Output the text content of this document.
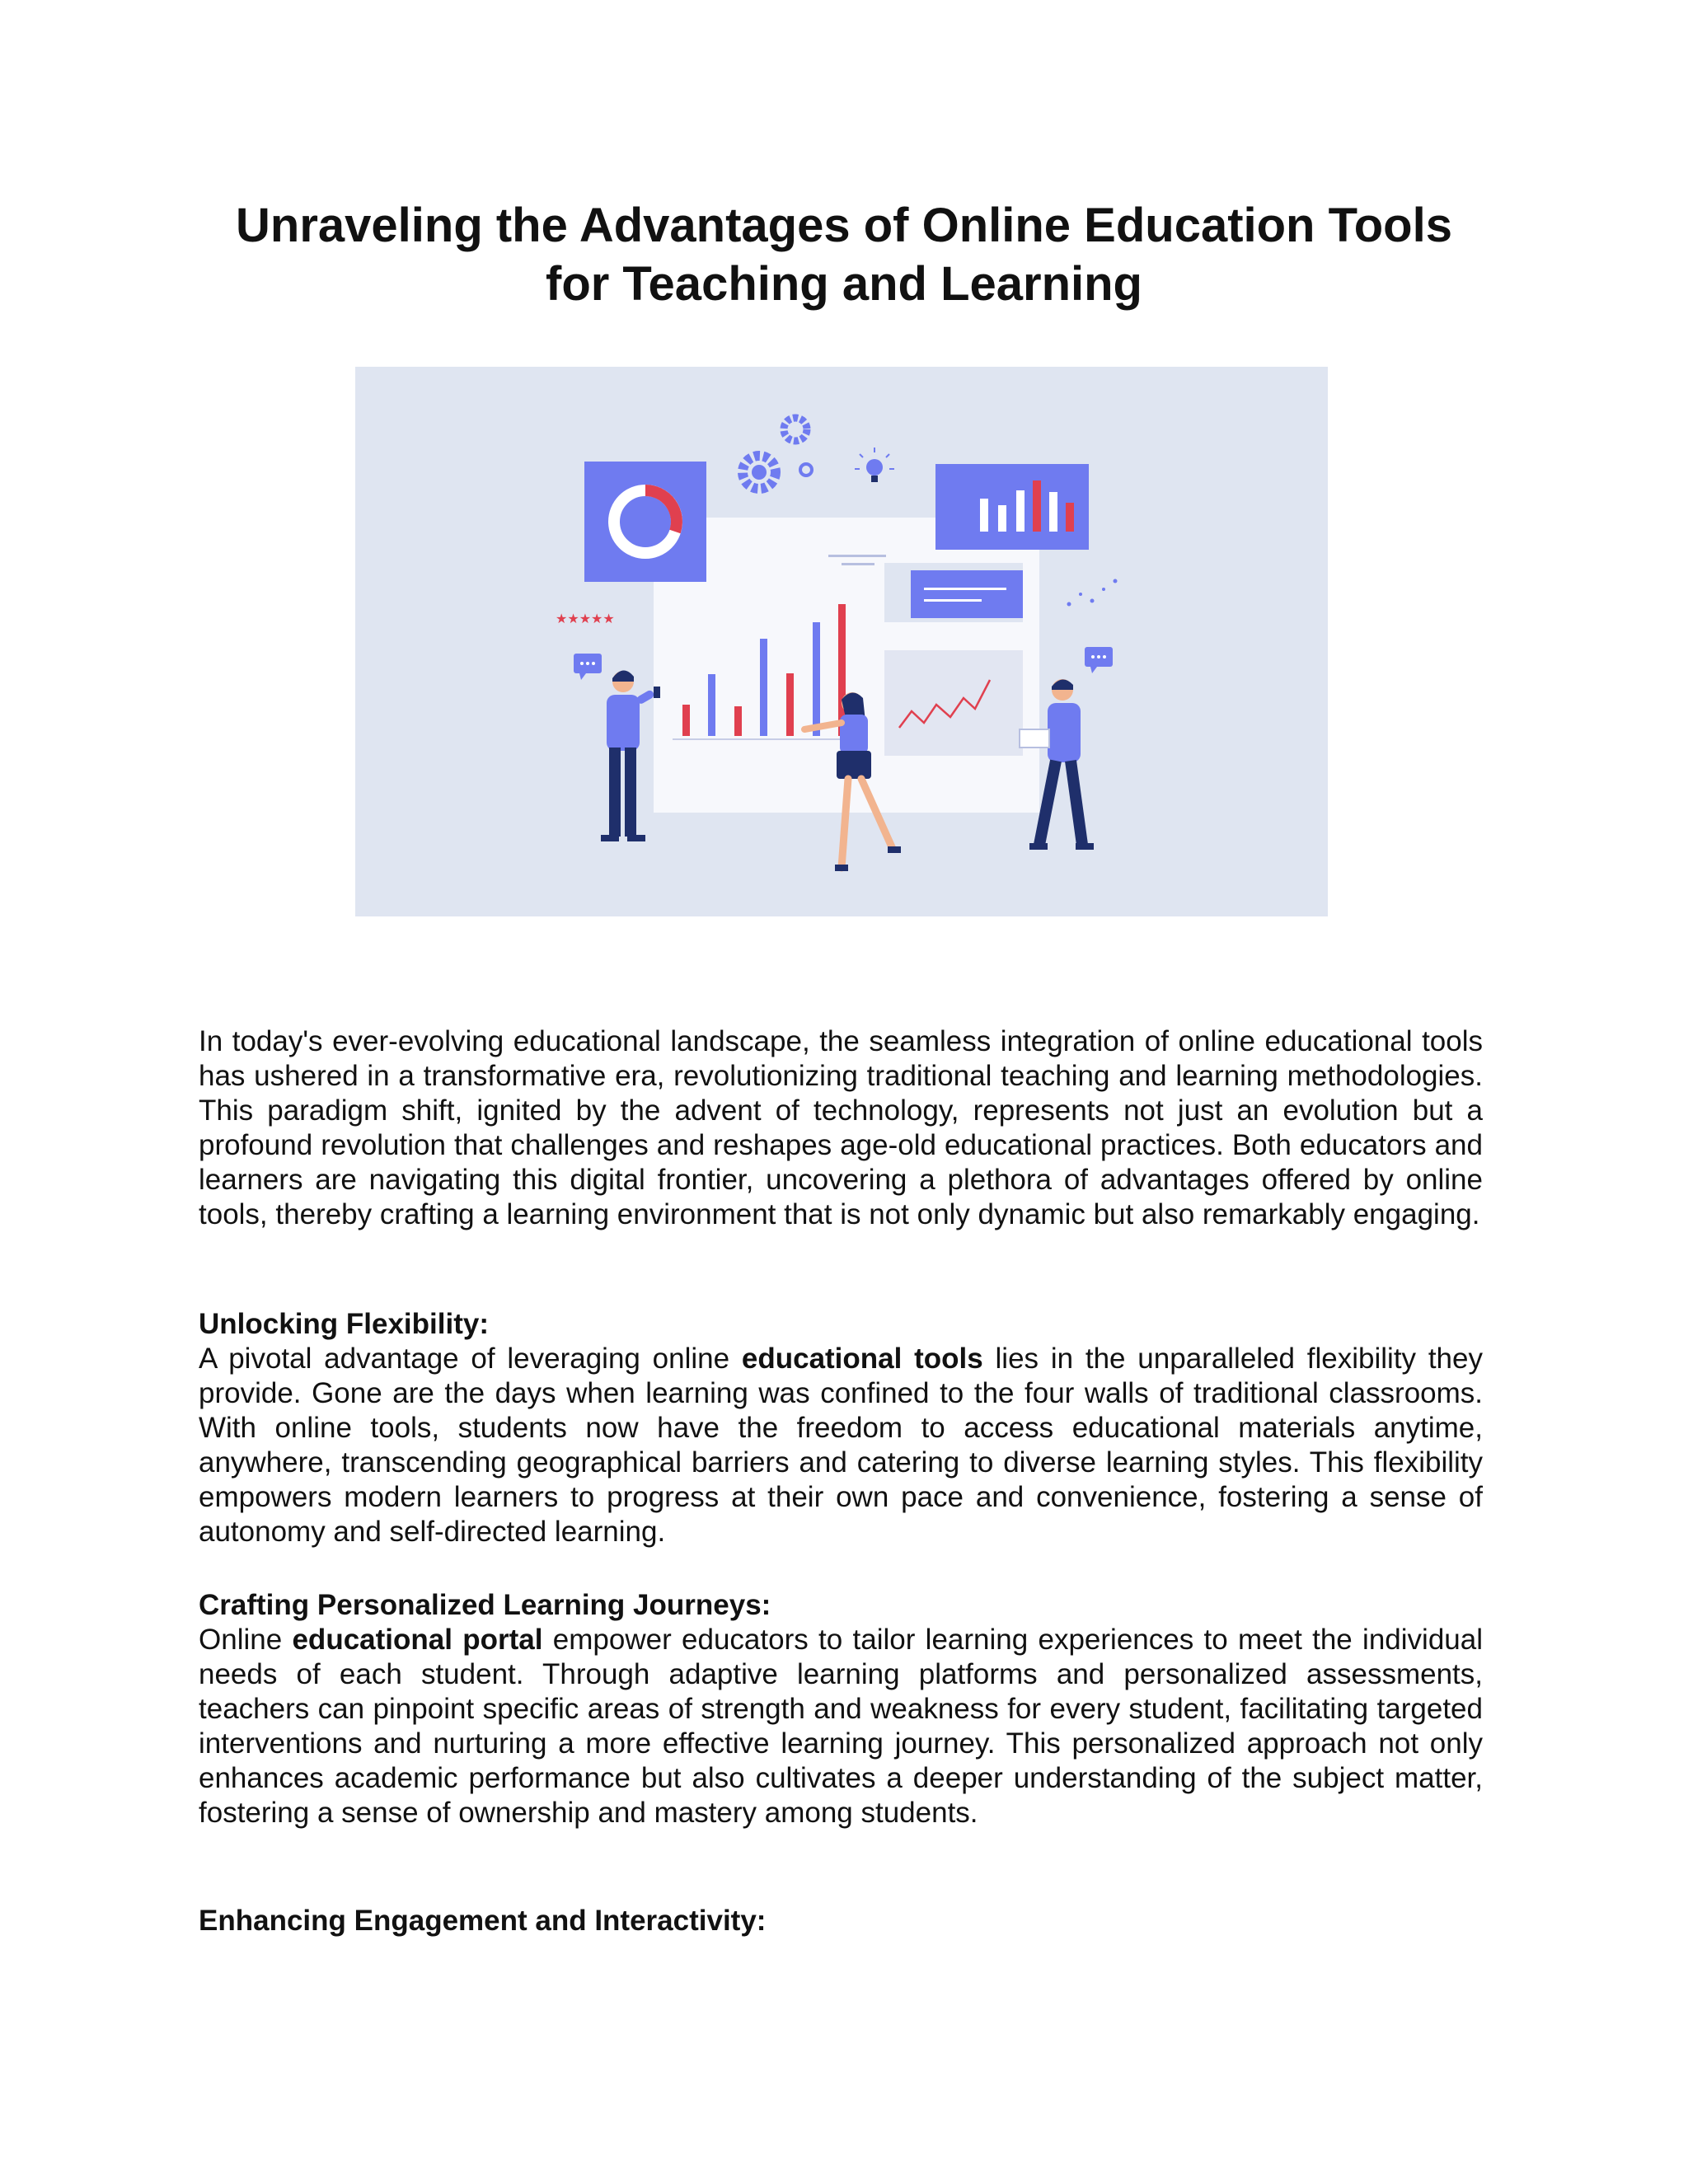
Unraveling the Advantages of Online Education Tools
for Teaching and Learning
★★★★★

In today's ever-evolving educational landscape, the seamless integration of online educational tools has ushered in a transformative era, revolutionizing traditional teaching and learning methodologies. This paradigm shift, ignited by the advent of technology, represents not just an evolution but a profound revolution that challenges and reshapes age-old educational practices. Both educators and learners are navigating this digital frontier, uncovering a plethora of advantages offered by online tools, thereby crafting a learning environment that is not only dynamic but also remarkably engaging.

Unlocking Flexibility:

A pivotal advantage of leveraging online educational tools lies in the unparalleled flexibility they provide. Gone are the days when learning was confined to the four walls of traditional classrooms. With online tools, students now have the freedom to access educational materials anytime, anywhere, transcending geographical barriers and catering to diverse learning styles. This flexibility empowers modern learners to progress at their own pace and convenience, fostering a sense of autonomy and self-directed learning.

Crafting Personalized Learning Journeys:

Online educational portal empower educators to tailor learning experiences to meet the individual needs of each student. Through adaptive learning platforms and personalized assessments, teachers can pinpoint specific areas of strength and weakness for every student, facilitating targeted interventions and nurturing a more effective learning journey. This personalized approach not only enhances academic performance but also cultivates a deeper understanding of the subject matter, fostering a sense of ownership and mastery among students.

Enhancing Engagement and Interactivity:
